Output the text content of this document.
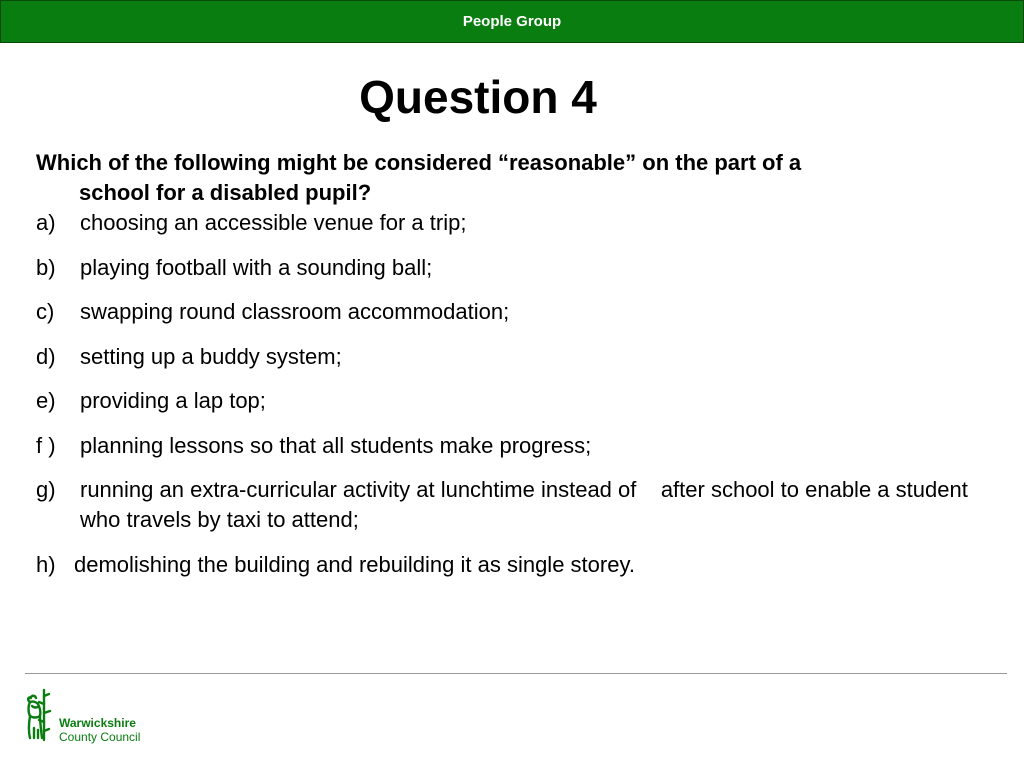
People Group
Question 4
Which of the following might be considered “reasonable” on the part of a
school for a disabled pupil?
a)	choosing an accessible venue for a trip;
b)	playing football with a sounding ball;
c)	swapping round classroom accommodation;
d)	setting up a buddy system;
e)	providing a lap top;
f )	planning lessons so that all students make progress;
g)	running an extra-curricular activity at lunchtime instead of    after school to enable a student who travels by taxi to attend;
h) demolishing the building and rebuilding it as single storey.
Warwickshire
County Council
